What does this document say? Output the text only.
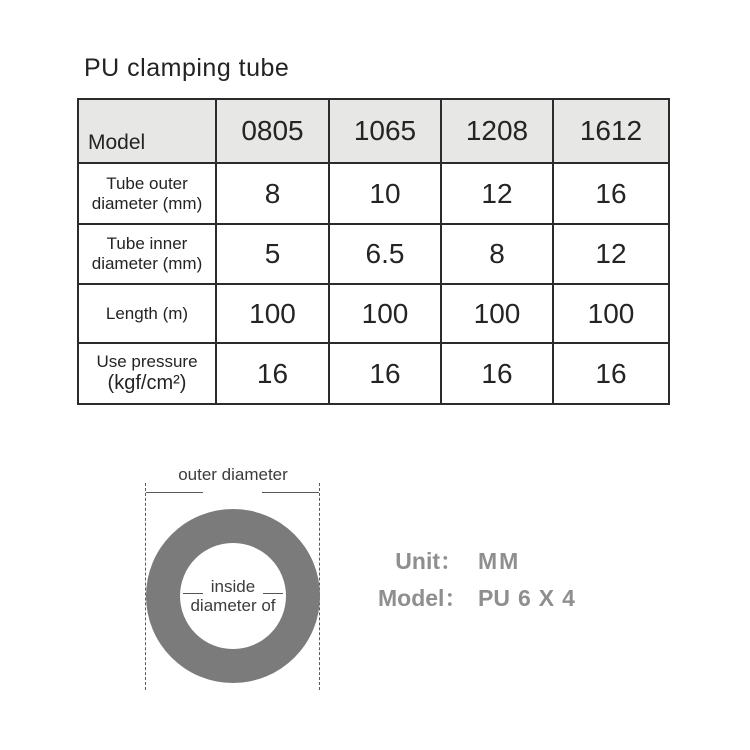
PU clamping tube
Model	0805	1065	1208	1612

Tube outer
diameter (mm)	8	10	12	16

Tube inner
diameter (mm)	5	6.5	8	12

Length (m)	100	100	100	100

Use pressure
(kgf/cm²)	16	16	16	16
outer diameter
inside
diameter of
Unit： MM
Model： PU 6 X 4
